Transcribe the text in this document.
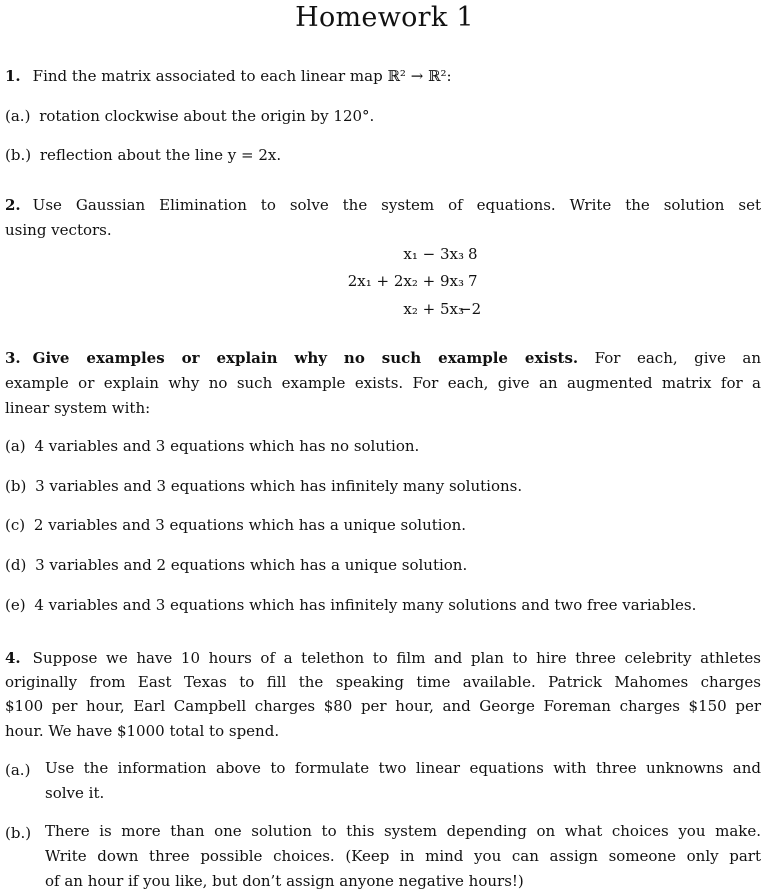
Homework 1
1. Find the matrix associated to each linear map ℝ² → ℝ²:
(a.) rotation clockwise about the origin by 120°.
(b.) reflection about the line y = 2x.
2. Use Gaussian Elimination to solve the system of equations. Write the solution set
using vectors.
x₁ − 3x₃ 8
2x₁ + 2x₂ + 9x₃ 7
x₂ + 5x₃
−2
3. Give examples or explain why no such example exists. For each, give an
example or explain why no such example exists. For each, give an augmented matrix for a
linear system with:
(a) 4 variables and 3 equations which has no solution.
(b) 3 variables and 3 equations which has infinitely many solutions.
(c) 2 variables and 3 equations which has a unique solution.
(d) 3 variables and 2 equations which has a unique solution.
(e) 4 variables and 3 equations which has infinitely many solutions and two free variables.
4. Suppose we have 10 hours of a telethon to film and plan to hire three celebrity athletes
originally from East Texas to fill the speaking time available. Patrick Mahomes charges
$100 per hour, Earl Campbell charges $80 per hour, and George Foreman charges $150 per
hour. We have $1000 total to spend.
(a.) Use the information above to formulate two linear equations with three unknowns and
solve it.
(b.) There is more than one solution to this system depending on what choices you make.
Write down three possible choices. (Keep in mind you can assign someone only part
of an hour if you like, but don’t assign anyone negative hours!)
